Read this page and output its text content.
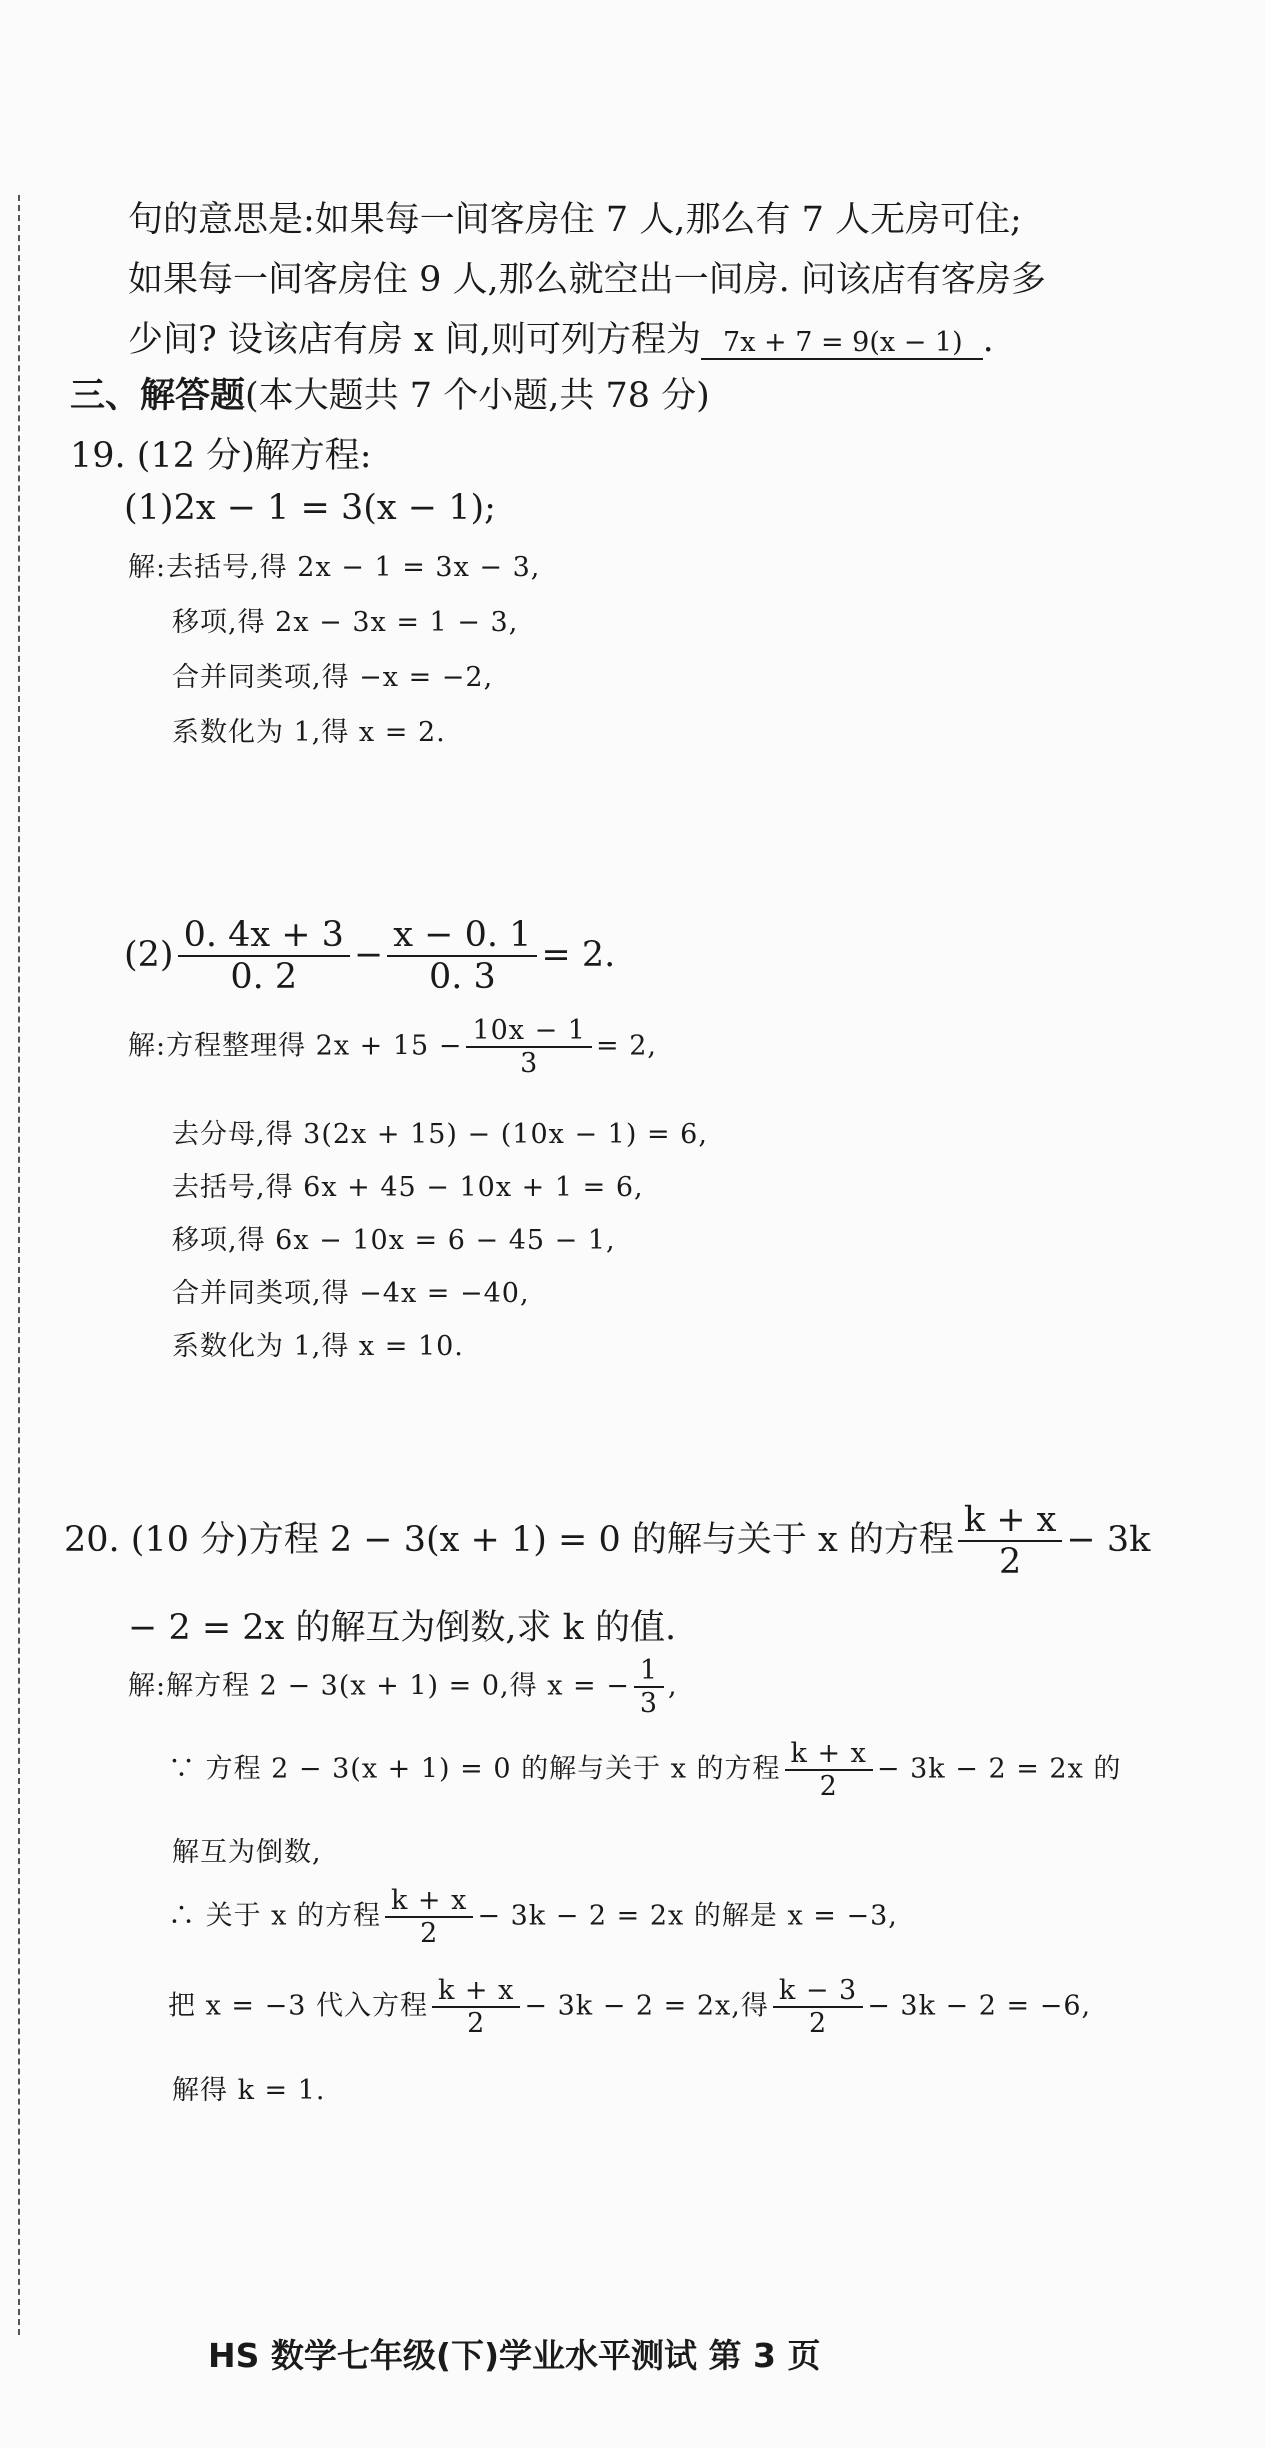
句的意思是:如果每一间客房住 7 人,那么有 7 人无房可住;
如果每一间客房住 9 人,那么就空出一间房. 问该店有客房多
少间? 设该店有房 x 间,则可列方程为 7x + 7 = 9(x − 1) .
三、解答题(本大题共 7 个小题,共 78 分)
19. (12 分)解方程:
(1)2x − 1 = 3(x − 1);
解:去括号,得 2x − 1 = 3x − 3,
移项,得 2x − 3x = 1 − 3,
合并同类项,得 −x = −2,
系数化为 1,得 x = 2.
$(2) \frac{0. 4x + 3}{0. 2} - \frac{x - 0. 1}{0. 3} = 2$.
解:方程整理得 $2x + 15 - \frac{10x - 1}{3} = 2$,
去分母,得 3(2x + 15) − (10x − 1) = 6,
去括号,得 6x + 45 − 10x + 1 = 6,
移项,得 6x − 10x = 6 − 45 − 1,
合并同类项,得 −4x = −40,
系数化为 1,得 x = 10.
20. (10 分)方程 2 − 3(x + 1) = 0 的解与关于 x 的方程 $\frac{k + x}{2} - 3k$
− 2 = 2x 的解互为倒数,求 k 的值.
解:解方程 2 − 3(x + 1) = 0,得 x = − $\frac{1}{3}$ ,
∵ 方程 2 − 3(x + 1) = 0 的解与关于 x 的方程 $\frac{k + x}{2} - 3k - 2 = 2x$ 的
解互为倒数,
∴ 关于 x 的方程 $\frac{k + x}{2} - 3k - 2 = 2x$ 的解是 x = −3,
把 x = −3 代入方程 $\frac{k + x}{2} - 3k - 2 = 2x$,得 $\frac{k - 3}{2} - 3k - 2 = -6$,
解得 k = 1.
HS 数学七年级(下)学业水平测试 第 3 页
